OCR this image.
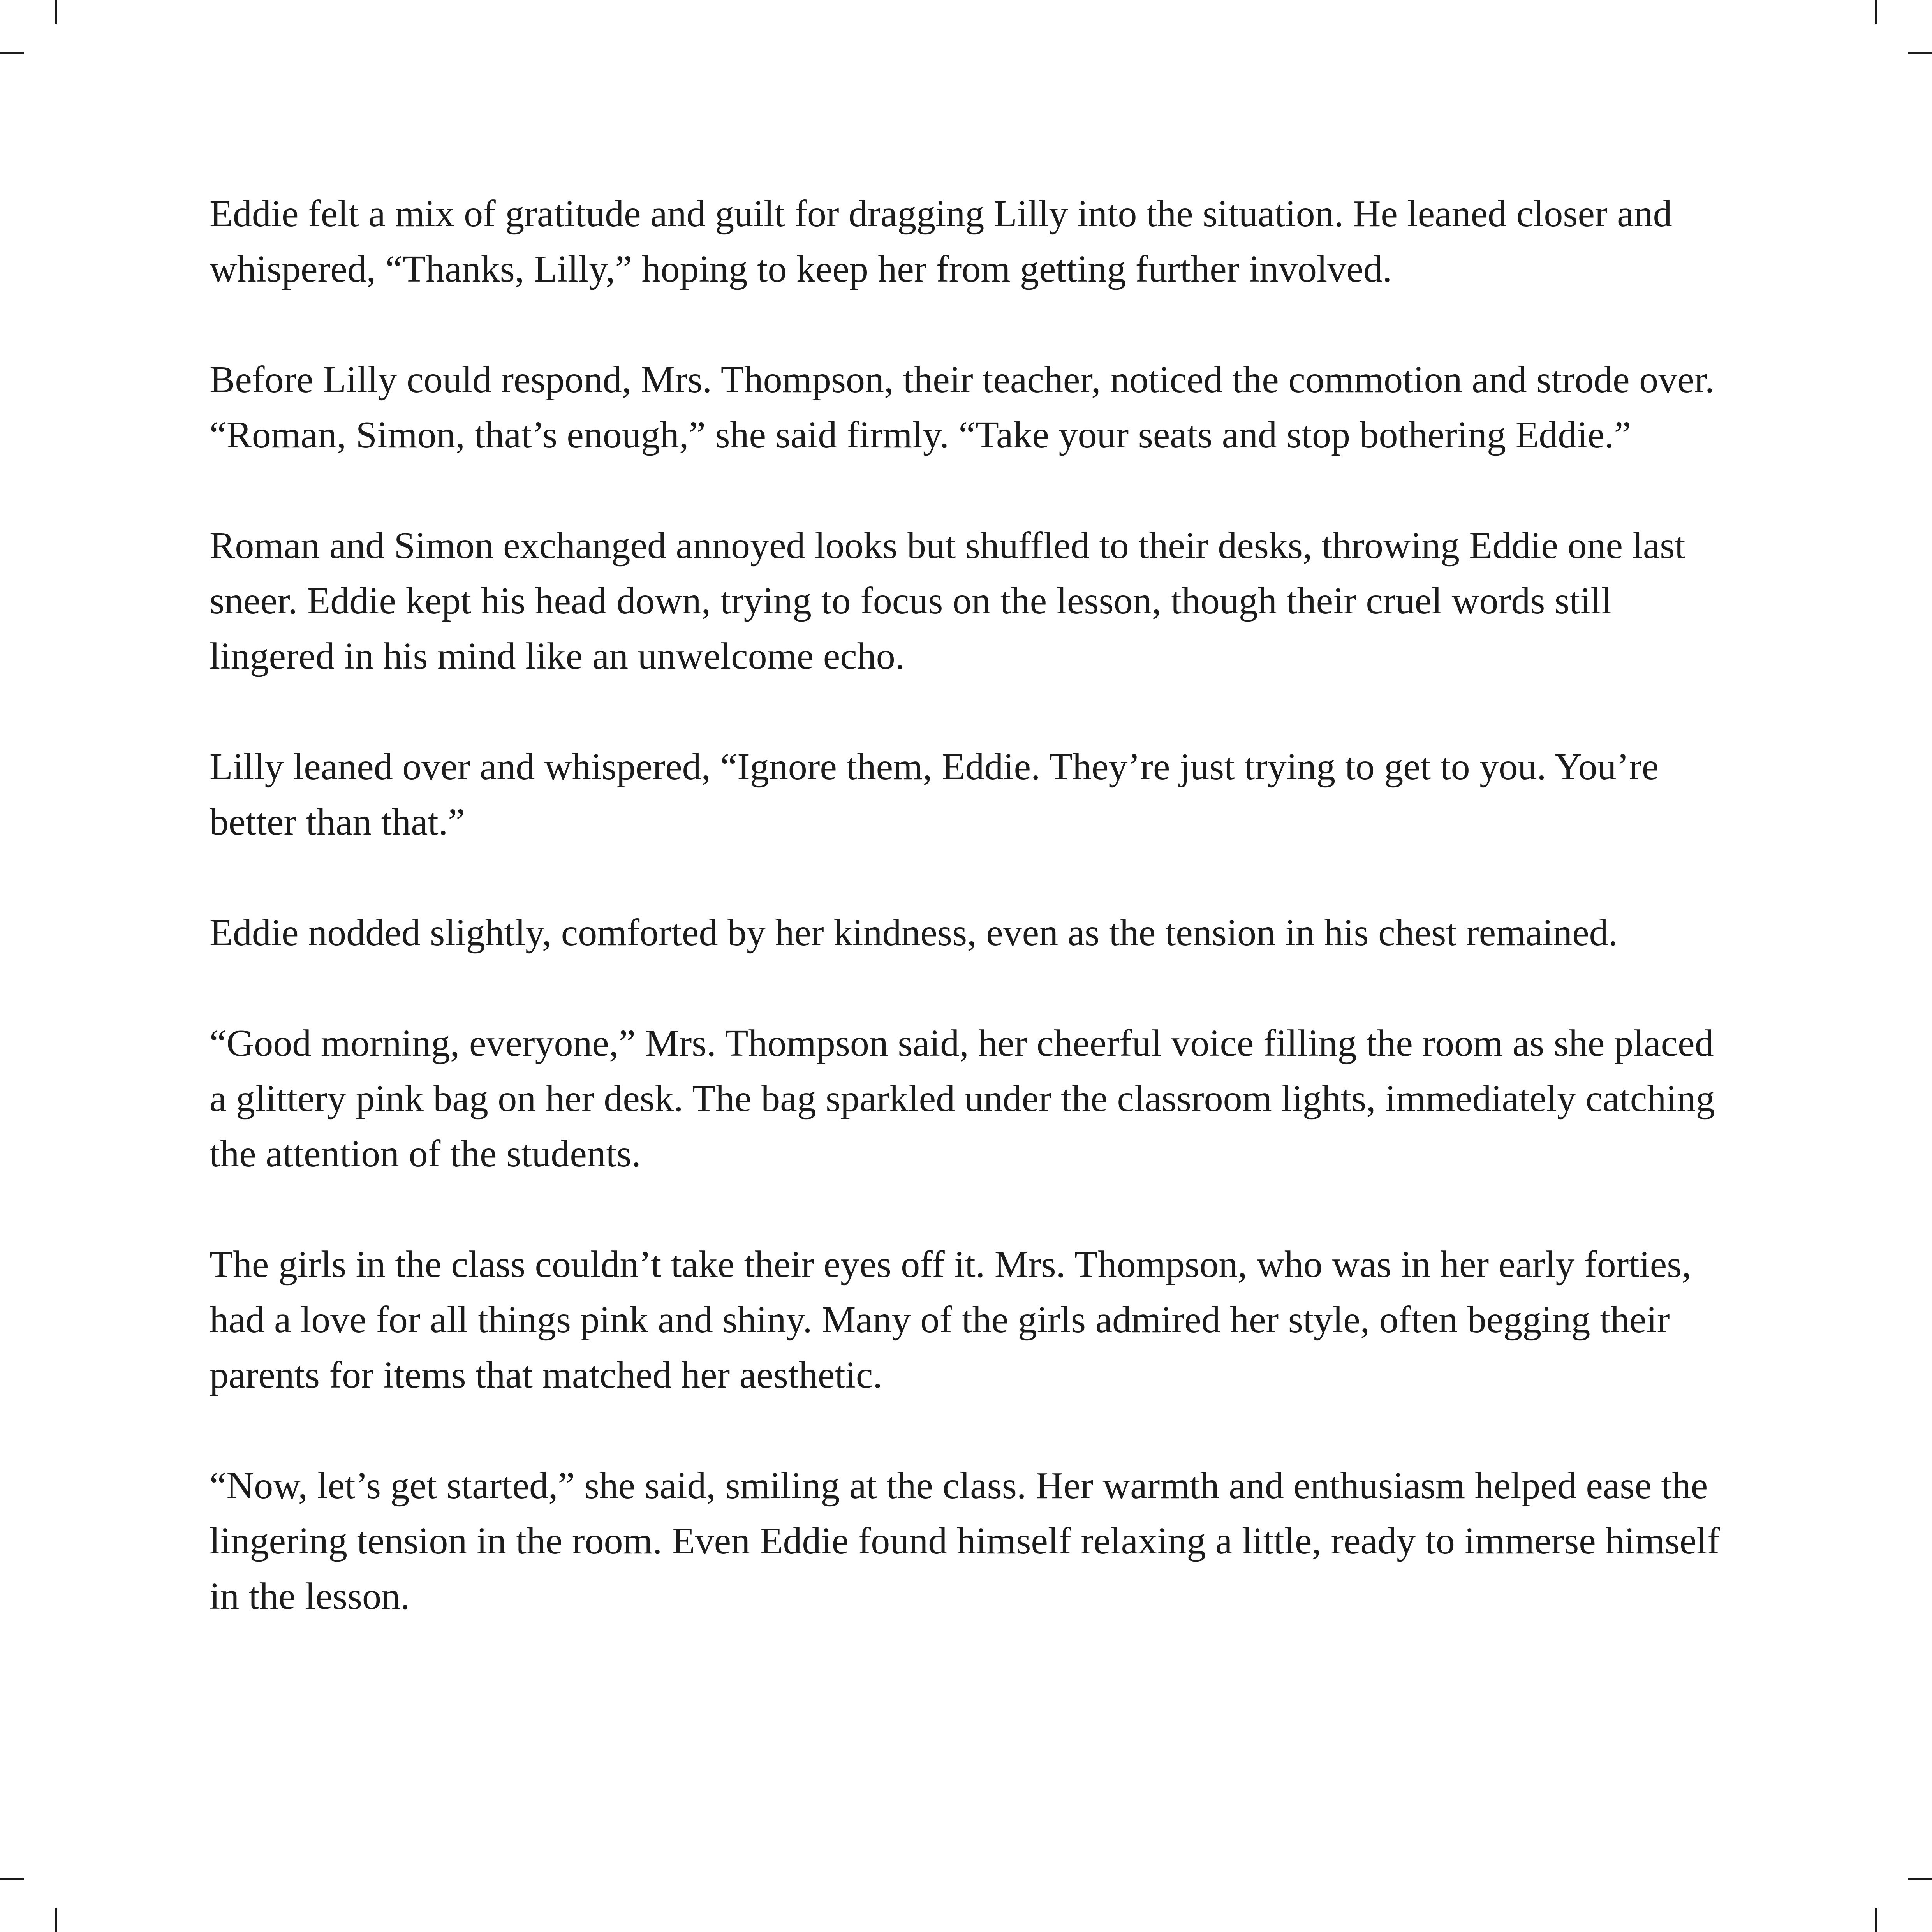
Eddie felt a mix of gratitude and guilt for dragging Lilly into the situation. He leaned closer and whispered, “Thanks, Lilly,” hoping to keep her from getting further involved.

Before Lilly could respond, Mrs. Thompson, their teacher, noticed the commotion and strode over. “Roman, Simon, that’s enough,” she said firmly. “Take your seats and stop bothering Eddie.”

Roman and Simon exchanged annoyed looks but shuffled to their desks, throwing Eddie one last sneer. Eddie kept his head down, trying to focus on the lesson, though their cruel words still lingered in his mind like an unwelcome echo.

Lilly leaned over and whispered, “Ignore them, Eddie. They’re just trying to get to you. You’re better than that.”

Eddie nodded slightly, comforted by her kindness, even as the tension in his chest remained.

“Good morning, everyone,” Mrs. Thompson said, her cheerful voice filling the room as she placed a glittery pink bag on her desk. The bag sparkled under the classroom lights, immediately catching the attention of the students.

The girls in the class couldn’t take their eyes off it. Mrs. Thompson, who was in her early forties, had a love for all things pink and shiny. Many of the girls admired her style, often begging their parents for items that matched her aesthetic.

“Now, let’s get started,” she said, smiling at the class. Her warmth and enthusiasm helped ease the lingering tension in the room. Even Eddie found himself relaxing a little, ready to immerse himself in the lesson.
